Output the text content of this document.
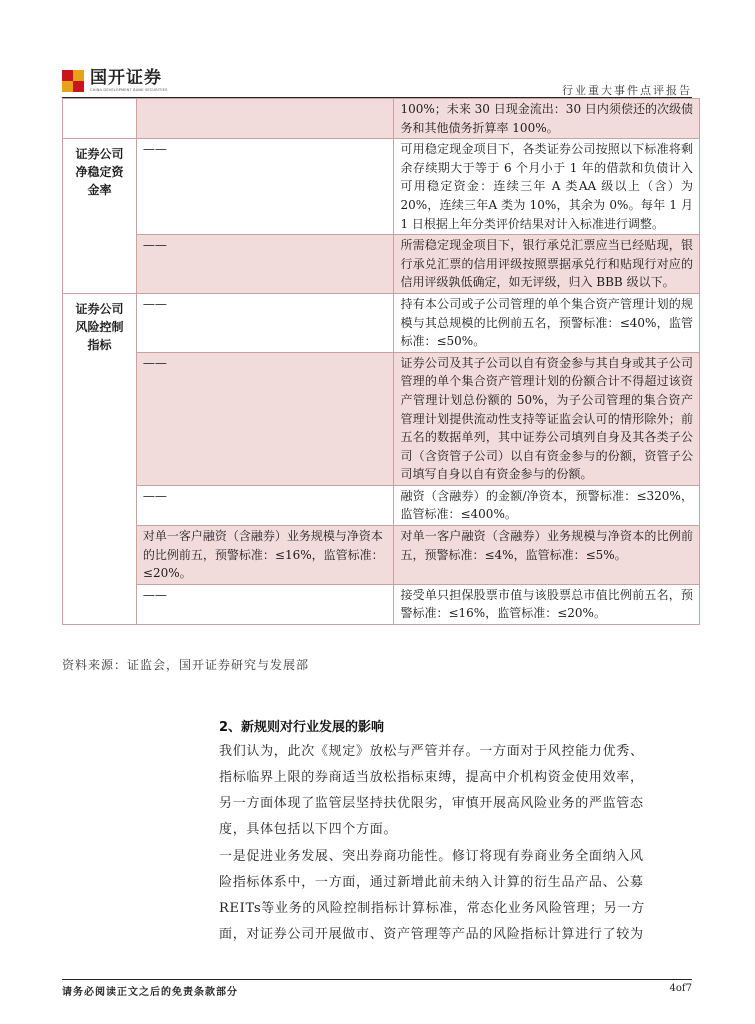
国开证券
CHINA DEVELOPMENT BANK SECURITIES	行业重大事件点评报告
		100%；未来 30 日现金流出：30 日内须偿还的次级债务和其他债务折算率 100%。
证券公司净稳定资金率	——	可用稳定现金项目下，各类证券公司按照以下标准将剩余存续期大于等于 6 个月小于 1 年的借款和负债计入可用稳定资金：连续三年 A 类AA 级以上（含）为 20%，连续三年A 类为 10%，其余为 0%。每年 1 月 1 日根据上年分类评价结果对计入标准进行调整。
	——	所需稳定现金项目下，银行承兑汇票应当已经贴现，银行承兑汇票的信用评级按照票据承兑行和贴现行对应的信用评级孰低确定，如无评级，归入 BBB 级以下。
证券公司风险控制指标	——	持有本公司或子公司管理的单个集合资产管理计划的规模与其总规模的比例前五名，预警标准：≤40%，监管标准：≤50%。
	——	证券公司及其子公司以自有资金参与其自身或其子公司管理的单个集合资产管理计划的份额合计不得超过该资产管理计划总份额的 50%，为子公司管理的集合资产管理计划提供流动性支持等证监会认可的情形除外；前五名的数据单列，其中证券公司填列自身及其各类子公司（含资管子公司）以自有资金参与的份额，资管子公司填写自身以自有资金参与的份额。
	——	融资（含融券）的金额/净资本，预警标准：≤320%，监管标准：≤400%。
	对单一客户融资（含融券）业务规模与净资本的比例前五，预警标准：≤16%，监管标准：≤20%。	对单一客户融资（含融券）业务规模与净资本的比例前五，预警标准：≤4%，监管标准：≤5%。
	——	接受单只担保股票市值与该股票总市值比例前五名，预警标准：≤16%，监管标准：≤20%。
资料来源：证监会，国开证券研究与发展部
2、新规则对行业发展的影响
我们认为，此次《规定》放松与严管并存。一方面对于风控能力优秀、
指标临界上限的券商适当放松指标束缚，提高中介机构资金使用效率，
另一方面体现了监管层坚持扶优限劣，审慎开展高风险业务的严监管态
度，具体包括以下四个方面。
一是促进业务发展、突出券商功能性。修订将现有券商业务全面纳入风
险指标体系中，一方面，通过新增此前未纳入计算的衍生品产品、公募
REITs等业务的风险控制指标计算标准，常态化业务风险管理；另一方
面，对证券公司开展做市、资产管理等产品的风险指标计算进行了较为
请务必阅读正文之后的免责条款部分	4of7
